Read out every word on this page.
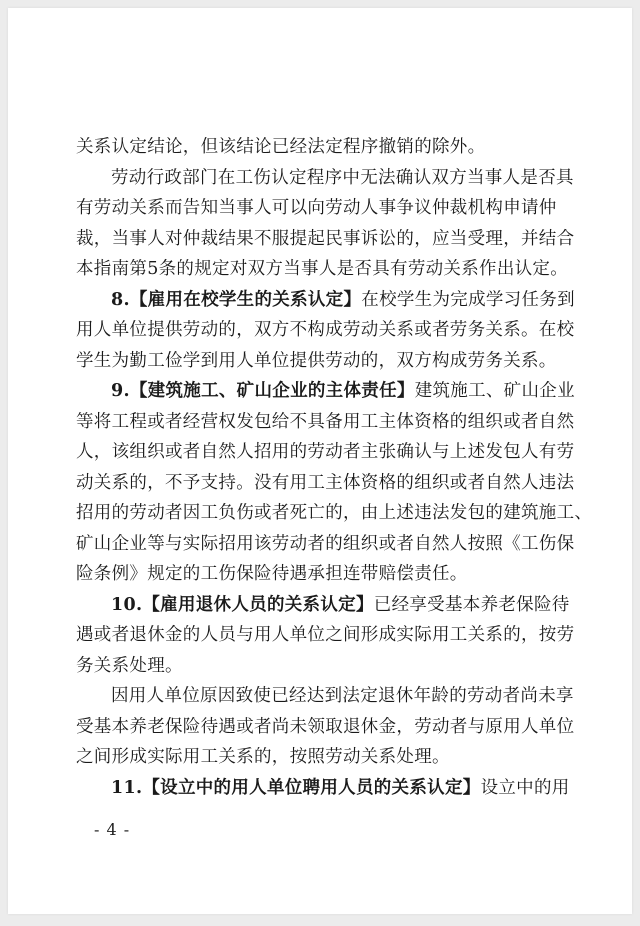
关系认定结论，但该结论已经法定程序撤销的除外。
劳动行政部门在工伤认定程序中无法确认双方当事人是否具
有劳动关系而告知当事人可以向劳动人事争议仲裁机构申请仲
裁，当事人对仲裁结果不服提起民事诉讼的，应当受理，并结合
本指南第5条的规定对双方当事人是否具有劳动关系作出认定。
8.【雇用在校学生的关系认定】在校学生为完成学习任务到
用人单位提供劳动的，双方不构成劳动关系或者劳务关系。在校
学生为勤工俭学到用人单位提供劳动的，双方构成劳务关系。
9.【建筑施工、矿山企业的主体责任】建筑施工、矿山企业
等将工程或者经营权发包给不具备用工主体资格的组织或者自然
人，该组织或者自然人招用的劳动者主张确认与上述发包人有劳
动关系的，不予支持。没有用工主体资格的组织或者自然人违法
招用的劳动者因工负伤或者死亡的，由上述违法发包的建筑施工、
矿山企业等与实际招用该劳动者的组织或者自然人按照《工伤保
险条例》规定的工伤保险待遇承担连带赔偿责任。
10.【雇用退休人员的关系认定】已经享受基本养老保险待
遇或者退休金的人员与用人单位之间形成实际用工关系的，按劳
务关系处理。
因用人单位原因致使已经达到法定退休年龄的劳动者尚未享
受基本养老保险待遇或者尚未领取退休金，劳动者与原用人单位
之间形成实际用工关系的，按照劳动关系处理。
11.【设立中的用人单位聘用人员的关系认定】设立中的用
- 4 -
